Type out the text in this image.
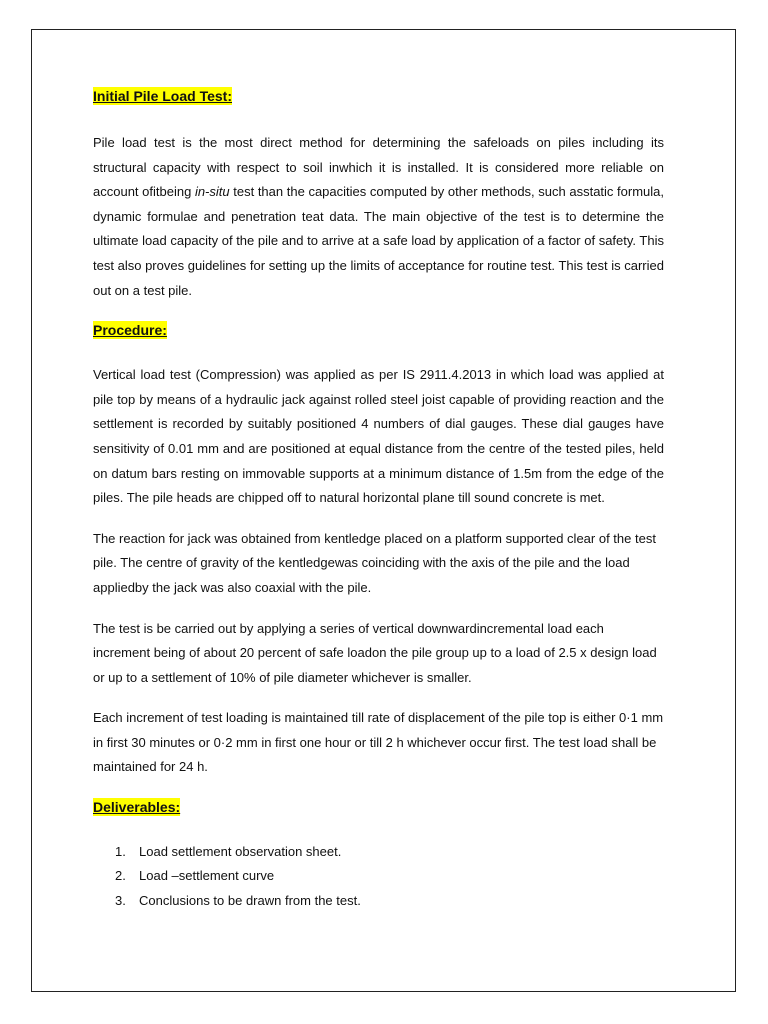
Initial Pile Load Test:

Pile load test is the most direct method for determining the safeloads on piles including its structural capacity with respect to soil inwhich it is installed. It is considered more reliable on account ofitbeing in-situ test than the capacities computed by other methods, such asstatic formula, dynamic formulae and penetration teat data. The main objective of the test is to determine the ultimate load capacity of the pile and to arrive at a safe load by application of a factor of safety. This test also proves guidelines for setting up the limits of acceptance for routine test. This test is carried out on a test pile.

Procedure:

Vertical load test (Compression) was applied as per IS 2911.4.2013 in which load was applied at pile top by means of a hydraulic jack against rolled steel joist capable of providing reaction and the settlement is recorded by suitably positioned 4 numbers of dial gauges. These dial gauges have sensitivity of 0.01 mm and are positioned at equal distance from the centre of the tested piles, held on datum bars resting on immovable supports at a minimum distance of 1.5m from the edge of the piles. The pile heads are chipped off to natural horizontal plane till sound concrete is met.

The reaction for jack was obtained from kentledge placed on a platform supported clear of the test pile. The centre of gravity of the kentledgewas coinciding with the axis of the pile and the load appliedby the jack was also coaxial with the pile.

The test is be carried out by applying a series of vertical downwardincremental load each increment being of about 20 percent of safe loadon the pile group up to a load of 2.5 x design load or up to a settlement of 10% of pile diameter whichever is smaller.

Each increment of test loading is maintained till rate of displacement of the pile top is either 0·1 mm in first 30 minutes or 0·2 mm in first one hour or till 2 h whichever occur first. The test load shall be maintained for 24 h.

Deliverables:
1. Load settlement observation sheet.
2. Load –settlement curve
3. Conclusions to be drawn from the test.
